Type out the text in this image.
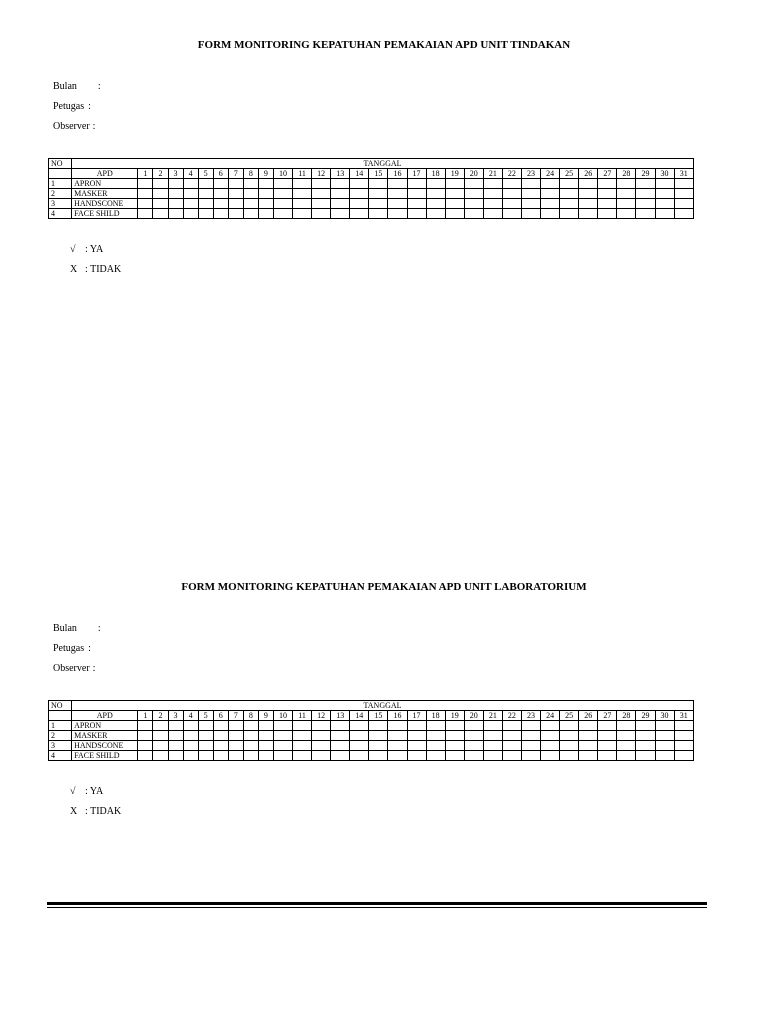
FORM MONITORING KEPATUHAN PEMAKAIAN APD UNIT TINDAKAN
Bulan :
Petugas :
Observer :
NO	TANGGAL																															
	APD	1	2	3	4	5	6	7	8	9	10	11	12	13	14	15	16	17	18	19	20	21	22	23	24	25	26	27	28	29	30	31
1	APRON																															
2	MASKER																															
3	HANDSCONE																															
4	FACE SHILD																															
√ : YA
X : TIDAK
FORM MONITORING KEPATUHAN PEMAKAIAN APD UNIT LABORATORIUM
Bulan :
Petugas :
Observer :
NO	TANGGAL																															
	APD	1	2	3	4	5	6	7	8	9	10	11	12	13	14	15	16	17	18	19	20	21	22	23	24	25	26	27	28	29	30	31
1	APRON																															
2	MASKER																															
3	HANDSCONE																															
4	FACE SHILD																															
√ : YA
X : TIDAK
